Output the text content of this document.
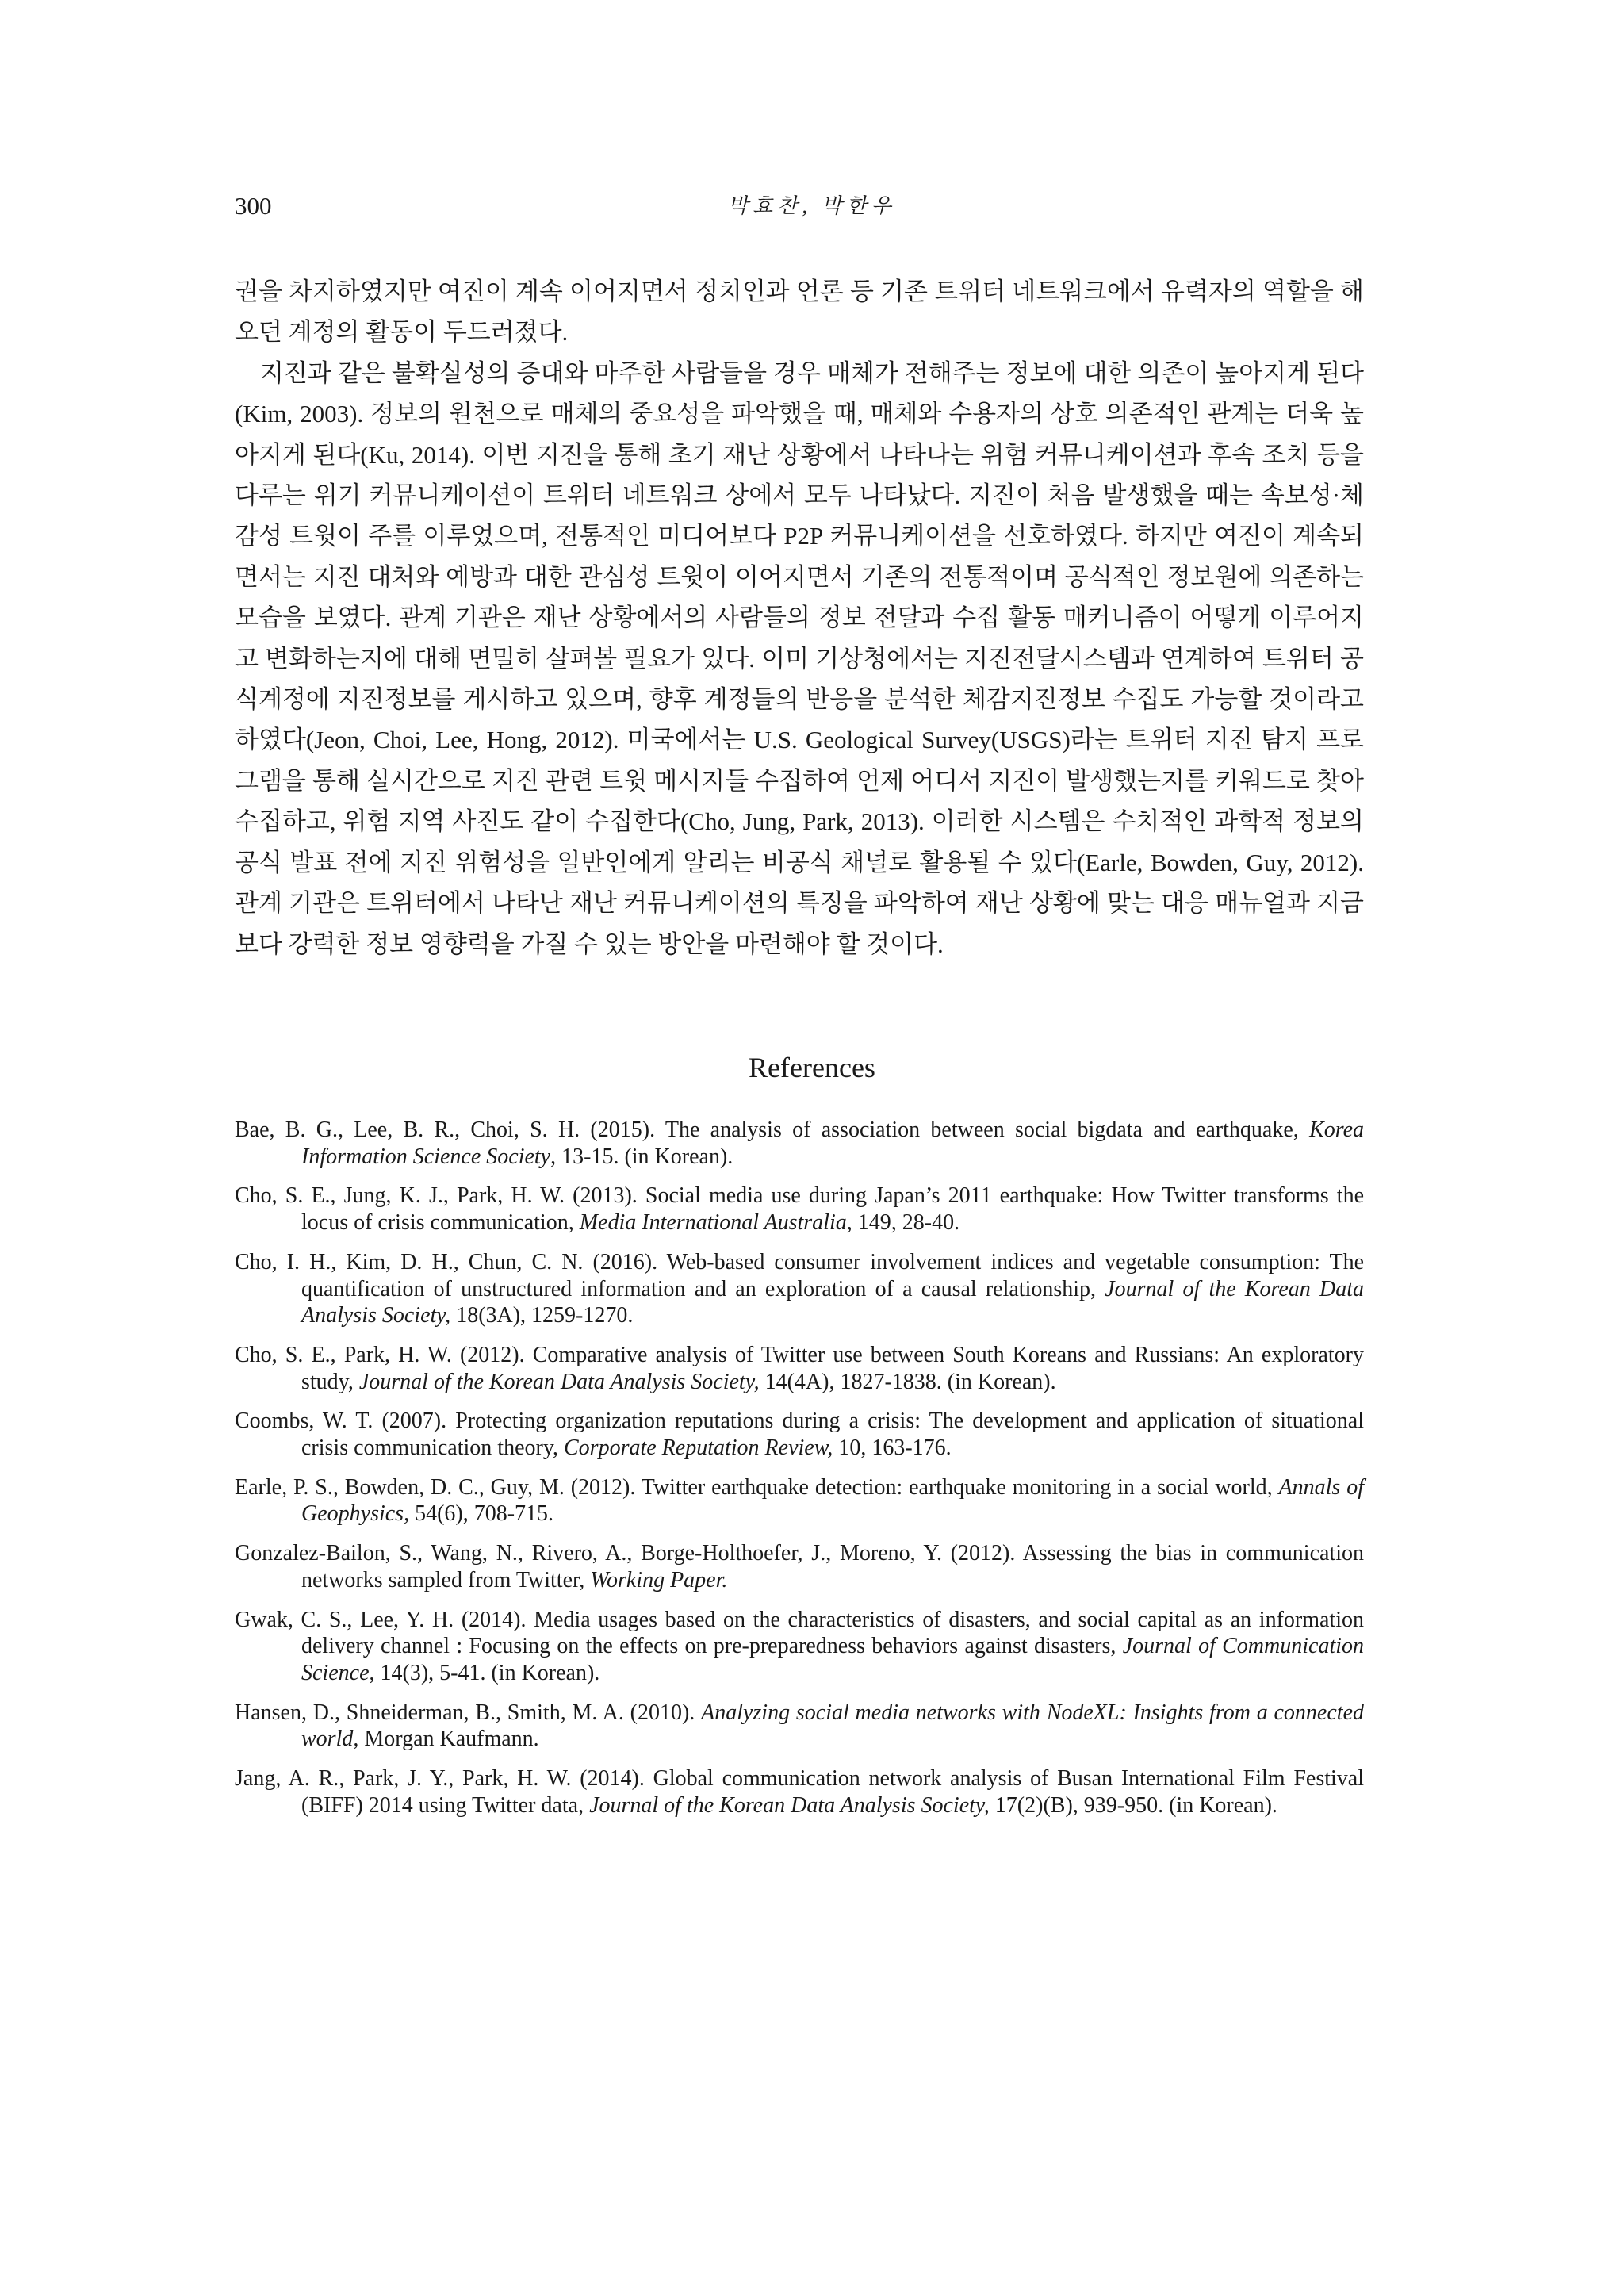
300	박효찬, 박한우

권을 차지하였지만 여진이 계속 이어지면서 정치인과 언론 등 기존 트위터 네트워크에서 유력자의 역할을 해 오던 계정의 활동이 두드러졌다.

지진과 같은 불확실성의 증대와 마주한 사람들을 경우 매체가 전해주는 정보에 대한 의존이 높아지게 된다(Kim, 2003). 정보의 원천으로 매체의 중요성을 파악했을 때, 매체와 수용자의 상호 의존적인 관계는 더욱 높아지게 된다(Ku, 2014). 이번 지진을 통해 초기 재난 상황에서 나타나는 위험 커뮤니케이션과 후속 조치 등을 다루는 위기 커뮤니케이션이 트위터 네트워크 상에서 모두 나타났다. 지진이 처음 발생했을 때는 속보성·체감성 트윗이 주를 이루었으며, 전통적인 미디어보다 P2P 커뮤니케이션을 선호하였다. 하지만 여진이 계속되면서는 지진 대처와 예방과 대한 관심성 트윗이 이어지면서 기존의 전통적이며 공식적인 정보원에 의존하는 모습을 보였다. 관계 기관은 재난 상황에서의 사람들의 정보 전달과 수집 활동 매커니즘이 어떻게 이루어지고 변화하는지에 대해 면밀히 살펴볼 필요가 있다. 이미 기상청에서는 지진전달시스템과 연계하여 트위터 공식계정에 지진정보를 게시하고 있으며, 향후 계정들의 반응을 분석한 체감지진정보 수집도 가능할 것이라고 하였다(Jeon, Choi, Lee, Hong, 2012). 미국에서는 U.S. Geological Survey(USGS)라는 트위터 지진 탐지 프로그램을 통해 실시간으로 지진 관련 트윗 메시지들 수집하여 언제 어디서 지진이 발생했는지를 키워드로 찾아 수집하고, 위험 지역 사진도 같이 수집한다(Cho, Jung, Park, 2013). 이러한 시스템은 수치적인 과학적 정보의 공식 발표 전에 지진 위험성을 일반인에게 알리는 비공식 채널로 활용될 수 있다(Earle, Bowden, Guy, 2012). 관계 기관은 트위터에서 나타난 재난 커뮤니케이션의 특징을 파악하여 재난 상황에 맞는 대응 매뉴얼과 지금보다 강력한 정보 영향력을 가질 수 있는 방안을 마련해야 할 것이다.

References
Bae, B. G., Lee, B. R., Choi, S. H. (2015). The analysis of association between social bigdata and earthquake, Korea Information Science Society, 13-15. (in Korean).
Cho, S. E., Jung, K. J., Park, H. W. (2013). Social media use during Japan’s 2011 earthquake: How Twitter transforms the locus of crisis communication, Media International Australia, 149, 28-40.
Cho, I. H., Kim, D. H., Chun, C. N. (2016). Web-based consumer involvement indices and vegetable consumption: The quantification of unstructured information and an exploration of a causal relationship, Journal of the Korean Data Analysis Society, 18(3A), 1259-1270.
Cho, S. E., Park, H. W. (2012). Comparative analysis of Twitter use between South Koreans and Russians: An exploratory study, Journal of the Korean Data Analysis Society, 14(4A), 1827-1838. (in Korean).
Coombs, W. T. (2007). Protecting organization reputations during a crisis: The development and application of situational crisis communication theory, Corporate Reputation Review, 10, 163-176.
Earle, P. S., Bowden, D. C., Guy, M. (2012). Twitter earthquake detection: earthquake monitoring in a social world, Annals of Geophysics, 54(6), 708-715.
Gonzalez-Bailon, S., Wang, N., Rivero, A., Borge-Holthoefer, J., Moreno, Y. (2012). Assessing the bias in communication networks sampled from Twitter, Working Paper.
Gwak, C. S., Lee, Y. H. (2014). Media usages based on the characteristics of disasters, and social capital as an information delivery channel : Focusing on the effects on pre-preparedness behaviors against disasters, Journal of Communication Science, 14(3), 5-41. (in Korean).
Hansen, D., Shneiderman, B., Smith, M. A. (2010). Analyzing social media networks with NodeXL: Insights from a connected world, Morgan Kaufmann.
Jang, A. R., Park, J. Y., Park, H. W. (2014). Global communication network analysis of Busan International Film Festival (BIFF) 2014 using Twitter data, Journal of the Korean Data Analysis Society, 17(2)(B), 939-950. (in Korean).
